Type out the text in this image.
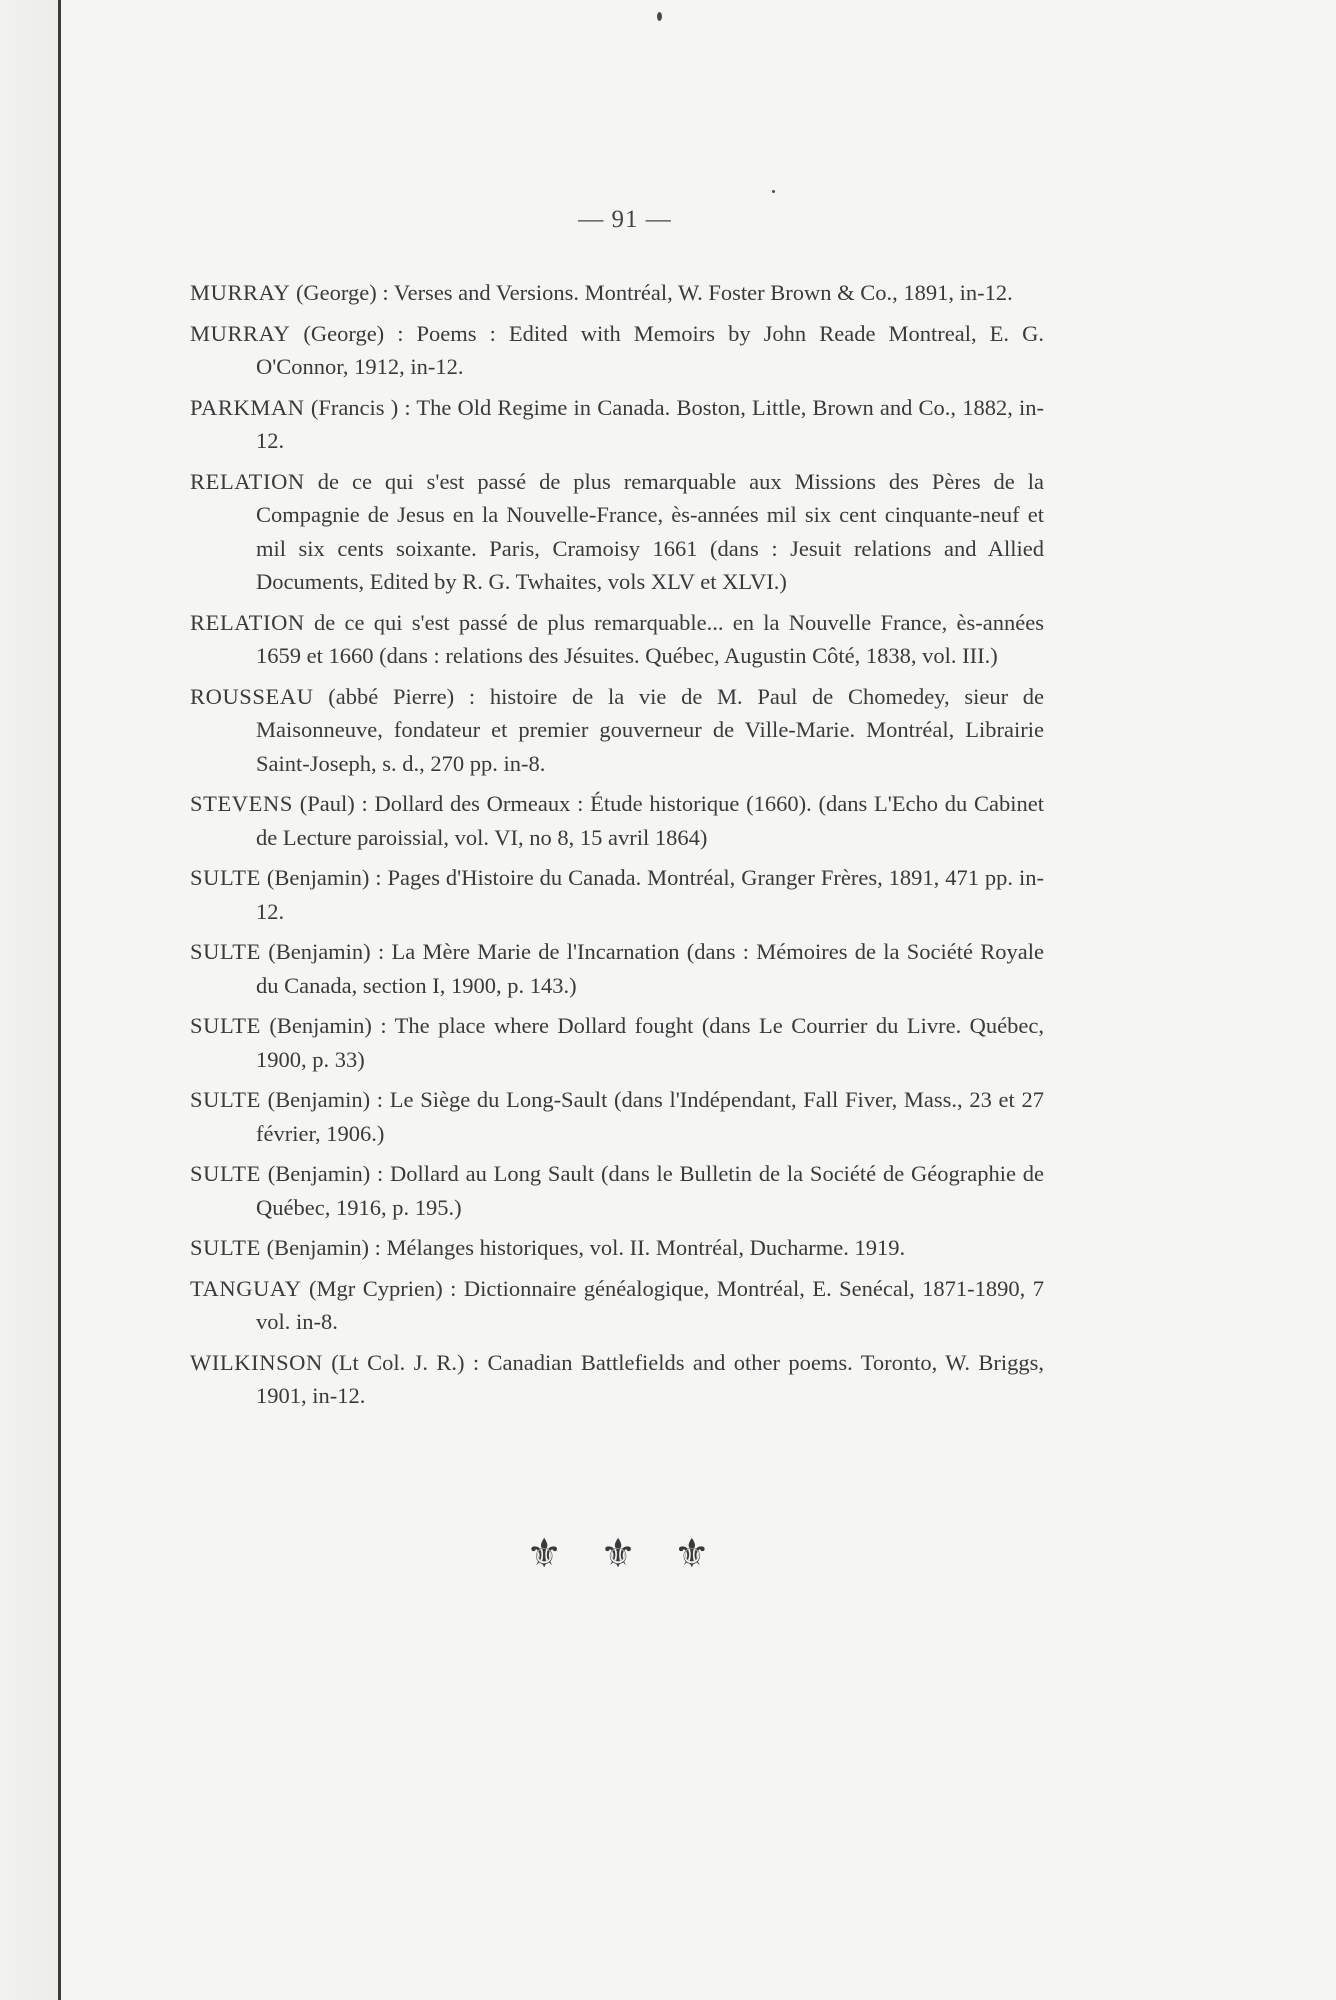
— 91 —

MURRAY (George) : Verses and Versions. Montréal, W. Foster Brown & Co., 1891, in-12.

MURRAY (George) : Poems : Edited with Memoirs by John Reade Montreal, E. G. O'Connor, 1912, in-12.

PARKMAN (Francis ) : The Old Regime in Canada. Boston, Little, Brown and Co., 1882, in-12.

RELATION de ce qui s'est passé de plus remarquable aux Missions des Pères de la Compagnie de Jesus en la Nouvelle-France, ès-années mil six cent cinquante-neuf et mil six cents soixante. Paris, Cramoisy 1661 (dans : Jesuit relations and Allied Documents, Edited by R. G. Twhaites, vols XLV et XLVI.)

RELATION de ce qui s'est passé de plus remarquable... en la Nouvelle France, ès-années 1659 et 1660 (dans : relations des Jésuites. Québec, Augustin Côté, 1838, vol. III.)

ROUSSEAU (abbé Pierre) : histoire de la vie de M. Paul de Chomedey, sieur de Maisonneuve, fondateur et premier gouverneur de Ville-Marie. Montréal, Librairie Saint-Joseph, s. d., 270 pp. in-8.

STEVENS (Paul) : Dollard des Ormeaux : Étude historique (1660). (dans L'Echo du Cabinet de Lecture paroissial, vol. VI, no 8, 15 avril 1864)

SULTE (Benjamin) : Pages d'Histoire du Canada. Montréal, Granger Frères, 1891, 471 pp. in-12.

SULTE (Benjamin) : La Mère Marie de l'Incarnation (dans : Mémoires de la Société Royale du Canada, section I, 1900, p. 143.)

SULTE (Benjamin) : The place where Dollard fought (dans Le Courrier du Livre. Québec, 1900, p. 33)

SULTE (Benjamin) : Le Siège du Long-Sault (dans l'Indépendant, Fall Fiver, Mass., 23 et 27 février, 1906.)

SULTE (Benjamin) : Dollard au Long Sault (dans le Bulletin de la Société de Géographie de Québec, 1916, p. 195.)

SULTE (Benjamin) : Mélanges historiques, vol. II. Montréal, Ducharme. 1919.

TANGUAY (Mgr Cyprien) : Dictionnaire généalogique, Montréal, E. Senécal, 1871-1890, 7 vol. in-8.

WILKINSON (Lt Col. J. R.) : Canadian Battlefields and other poems. Toronto, W. Briggs, 1901, in-12.

⚜ ⚜ ⚜
